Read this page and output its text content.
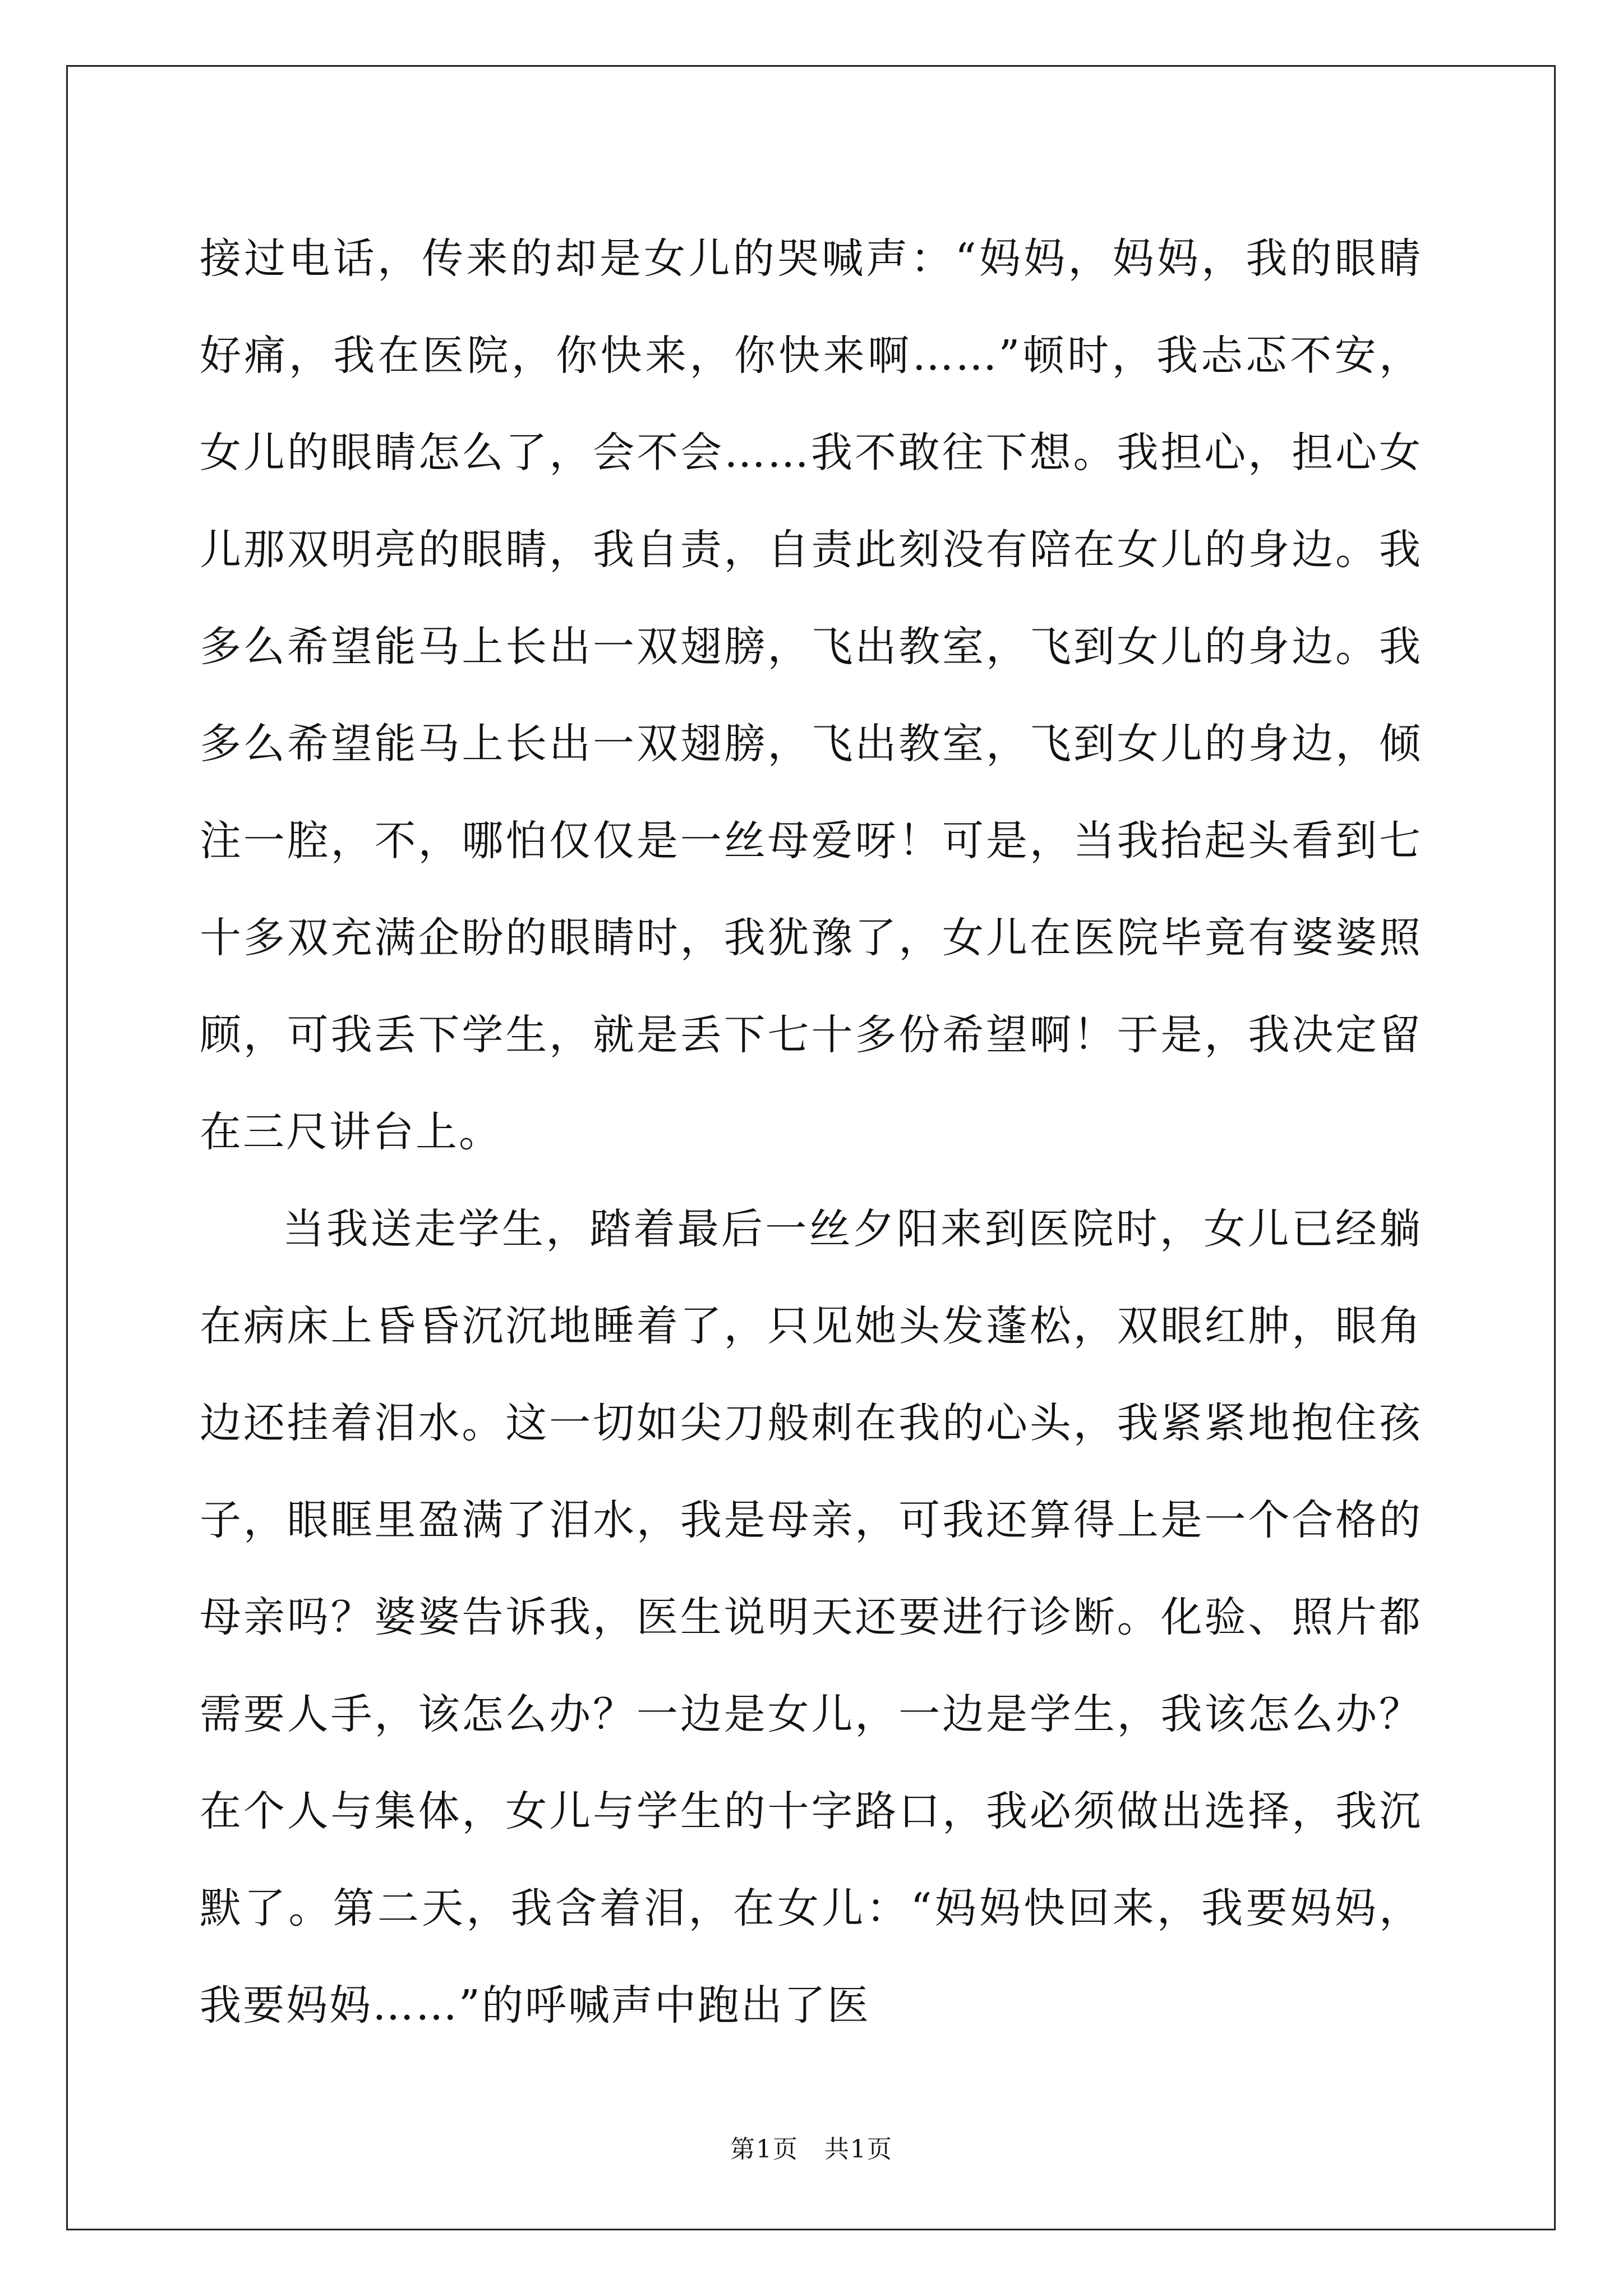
接过电话，传来的却是女儿的哭喊声：“妈妈，妈妈，我的眼睛好痛，我在医院，你快来，你快来啊……”顿时，我忐忑不安，女儿的眼睛怎么了，会不会……我不敢往下想。我担心，担心女儿那双明亮的眼睛，我自责，自责此刻没有陪在女儿的身边。我多么希望能马上长出一双翅膀，飞出教室，飞到女儿的身边。我多么希望能马上长出一双翅膀，飞出教室，飞到女儿的身边，倾注一腔，不，哪怕仅仅是一丝母爱呀！可是，当我抬起头看到七十多双充满企盼的眼睛时，我犹豫了，女儿在医院毕竟有婆婆照顾，可我丢下学生，就是丢下七十多份希望啊！于是，我决定留在三尺讲台上。

当我送走学生，踏着最后一丝夕阳来到医院时，女儿已经躺在病床上昏昏沉沉地睡着了，只见她头发蓬松，双眼红肿，眼角边还挂着泪水。这一切如尖刀般刺在我的心头，我紧紧地抱住孩子，眼眶里盈满了泪水，我是母亲，可我还算得上是一个合格的母亲吗？婆婆告诉我，医生说明天还要进行诊断。化验、照片都需要人手，该怎么办？一边是女儿，一边是学生，我该怎么办？在个人与集体，女儿与学生的十字路口，我必须做出选择，我沉默了。第二天，我含着泪，在女儿：“妈妈快回来，我要妈妈，我要妈妈……”的呼喊声中跑出了医

第1页　共1页
